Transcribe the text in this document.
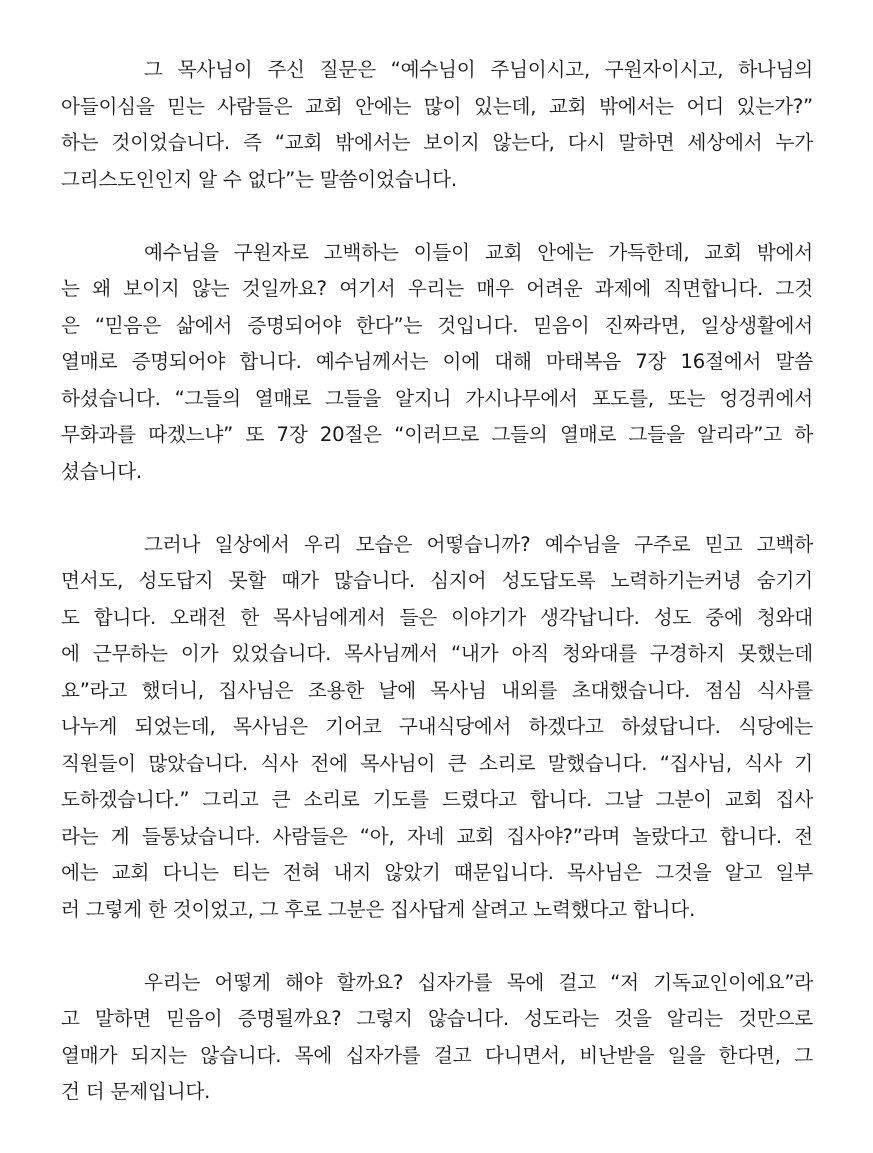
그 목사님이 주신 질문은 “예수님이 주님이시고, 구원자이시고, 하나님의
아들이심을 믿는 사람들은 교회 안에는 많이 있는데, 교회 밖에서는 어디 있는가?”
하는 것이었습니다. 즉 “교회 밖에서는 보이지 않는다, 다시 말하면 세상에서 누가
그리스도인인지 알 수 없다”는 말씀이었습니다.
예수님을 구원자로 고백하는 이들이 교회 안에는 가득한데, 교회 밖에서
는 왜 보이지 않는 것일까요? 여기서 우리는 매우 어려운 과제에 직면합니다. 그것
은 “믿음은 삶에서 증명되어야 한다”는 것입니다. 믿음이 진짜라면, 일상생활에서
열매로 증명되어야 합니다. 예수님께서는 이에 대해 마태복음 7장 16절에서 말씀
하셨습니다. “그들의 열매로 그들을 알지니 가시나무에서 포도를, 또는 엉겅퀴에서
무화과를 따겠느냐” 또 7장 20절은 “이러므로 그들의 열매로 그들을 알리라”고 하
셨습니다.
그러나 일상에서 우리 모습은 어떻습니까? 예수님을 구주로 믿고 고백하
면서도, 성도답지 못할 때가 많습니다. 심지어 성도답도록 노력하기는커녕 숨기기
도 합니다. 오래전 한 목사님에게서 들은 이야기가 생각납니다. 성도 중에 청와대
에 근무하는 이가 있었습니다. 목사님께서 “내가 아직 청와대를 구경하지 못했는데
요”라고 했더니, 집사님은 조용한 날에 목사님 내외를 초대했습니다. 점심 식사를
나누게 되었는데, 목사님은 기어코 구내식당에서 하겠다고 하셨답니다. 식당에는
직원들이 많았습니다. 식사 전에 목사님이 큰 소리로 말했습니다. “집사님, 식사 기
도하겠습니다.” 그리고 큰 소리로 기도를 드렸다고 합니다. 그날 그분이 교회 집사
라는 게 들통났습니다. 사람들은 “아, 자네 교회 집사야?”라며 놀랐다고 합니다. 전
에는 교회 다니는 티는 전혀 내지 않았기 때문입니다. 목사님은 그것을 알고 일부
러 그렇게 한 것이었고, 그 후로 그분은 집사답게 살려고 노력했다고 합니다.
우리는 어떻게 해야 할까요? 십자가를 목에 걸고 “저 기독교인이에요”라
고 말하면 믿음이 증명될까요? 그렇지 않습니다. 성도라는 것을 알리는 것만으로
열매가 되지는 않습니다. 목에 십자가를 걸고 다니면서, 비난받을 일을 한다면, 그
건 더 문제입니다.
